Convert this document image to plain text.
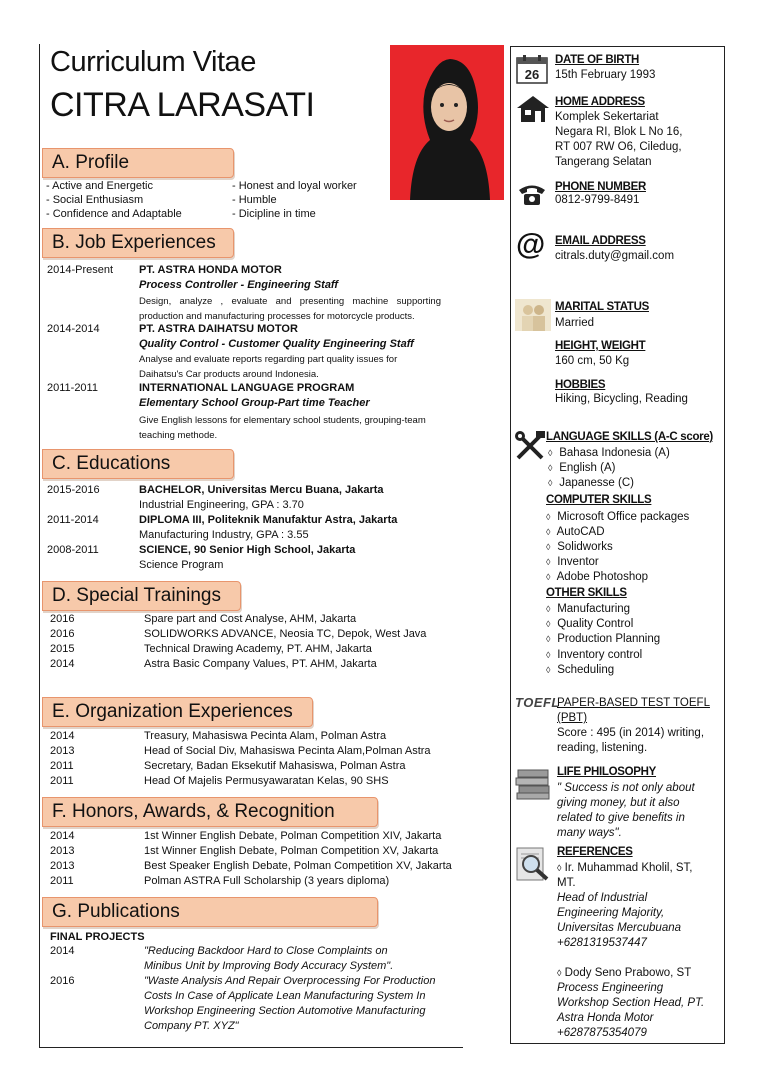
Curriculum Vitae
CITRA LARASATI
A. Profile
- Active and Energetic
- Social Enthusiasm
- Confidence and Adaptable
- Honest and loyal worker
- Humble
- Dicipline in time
B. Job Experiences
2014-Present PT. ASTRA HONDA MOTOR
Process Controller - Engineering Staff
Design, analyze , evaluate and presenting machine supporting production and manufacturing processes for motorcycle products.
2014-2014	PT. ASTRA DAIHATSU MOTOR
Quality Control - Customer Quality Engineering Staff
Analyse and evaluate reports regarding part quality issues for Daihatsu's Car products around Indonesia.
2011-2011	INTERNATIONAL LANGUAGE PROGRAM
Elementary School Group-Part time Teacher
Give English lessons for elementary school students, grouping-team teaching methode.
C. Educations
2015-2016	BACHELOR, Universitas Mercu Buana, Jakarta
Industrial Engineering, GPA : 3.70
2011-2014	DIPLOMA III, Politeknik Manufaktur Astra, Jakarta
Manufacturing Industry, GPA : 3.55
2008-2011	SCIENCE, 90 Senior High School, Jakarta
Science Program
D. Special Trainings
2016	Spare part and Cost Analyse, AHM, Jakarta
2016	SOLIDWORKS ADVANCE, Neosia TC, Depok, West Java
2015	Technical Drawing Academy, PT. AHM, Jakarta
2014	Astra Basic Company Values, PT. AHM, Jakarta
E. Organization Experiences
2014	Treasury, Mahasiswa Pecinta Alam, Polman Astra
2013	Head of Social Div, Mahasiswa Pecinta Alam,Polman Astra
2011	Secretary, Badan Eksekutif Mahasiswa, Polman Astra
2011	Head Of Majelis Permusyawaratan Kelas, 90 SHS
F. Honors, Awards, & Recognition
2014	1st Winner English Debate, Polman Competition XIV, Jakarta
2013	1st Winner English Debate, Polman Competition XV, Jakarta
2013	Best Speaker English Debate, Polman Competition XV, Jakarta
2011	Polman ASTRA Full Scholarship (3 years diploma)
G. Publications
FINAL PROJECTS
2014	"Reducing Backdoor Hard to Close Complaints on
Minibus Unit by Improving Body Accuracy System".
2016	"Waste Analysis And Repair Overprocessing For Production
Costs In Case of Applicate Lean Manufacturing System In
Workshop Engineering Section Automotive Manufacturing
Company PT. XYZ"
26
DATE OF BIRTH
15th February 1993
HOME ADDRESS
Komplek Sekertariat
Negara RI, Blok L No 16,
RT 007 RW O6, Ciledug,
Tangerang Selatan
PHONE NUMBER
0812-9799-8491
@ EMAIL ADDRESS
citrals.duty@gmail.com
MARITAL STATUS
Married
HEIGHT, WEIGHT
160 cm, 50 Kg
HOBBIES
Hiking, Bicycling, Reading
LANGUAGE SKILLS (A-C score)
◊ Bahasa Indonesia (A)
◊ English (A)
◊ Japanesse (C)
COMPUTER SKILLS
◊ Microsoft Office packages
◊ AutoCAD
◊ Solidworks
◊ Inventor
◊ Adobe Photoshop
OTHER SKILLS
◊ Manufacturing
◊ Quality Control
◊ Production Planning
◊ Inventory control
◊ Scheduling
TOEFL
PAPER-BASED TEST TOEFL
(PBT)
Score : 495 (in 2014) writing,
reading, listening.
LIFE PHILOSOPHY
" Success is not only about
giving money, but it also
related to give benefits in
many ways".
REFERENCES
◊ Ir. Muhammad Kholil, ST,
MT.
Head of Industrial
Engineering Majority,
Universitas Mercubuana
+6281319537447
◊ Dody Seno Prabowo, ST
Process Engineering
Workshop Section Head, PT.
Astra Honda Motor
+6287875354079
